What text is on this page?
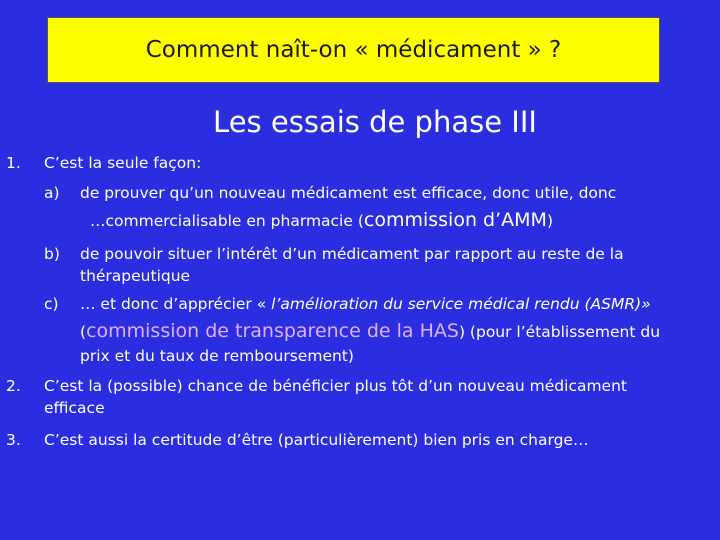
Comment naît-on « médicament » ?
Les essais de phase III
1. C’est la seule façon:
a) de prouver qu’un nouveau médicament est efficace, donc utile, donc
…commercialisable en pharmacie (commission d’AMM)
b) de pouvoir situer l’intérêt d’un médicament par rapport au reste de la
thérapeutique
c) … et donc d’apprécier « l’amélioration du service médical rendu (ASMR)»
(commission de transparence de la HAS) (pour l’établissement du
prix et du taux de remboursement)
2. C’est la (possible) chance de bénéficier plus tôt d’un nouveau médicament
efficace
3. C’est aussi la certitude d’être (particulièrement) bien pris en charge…
